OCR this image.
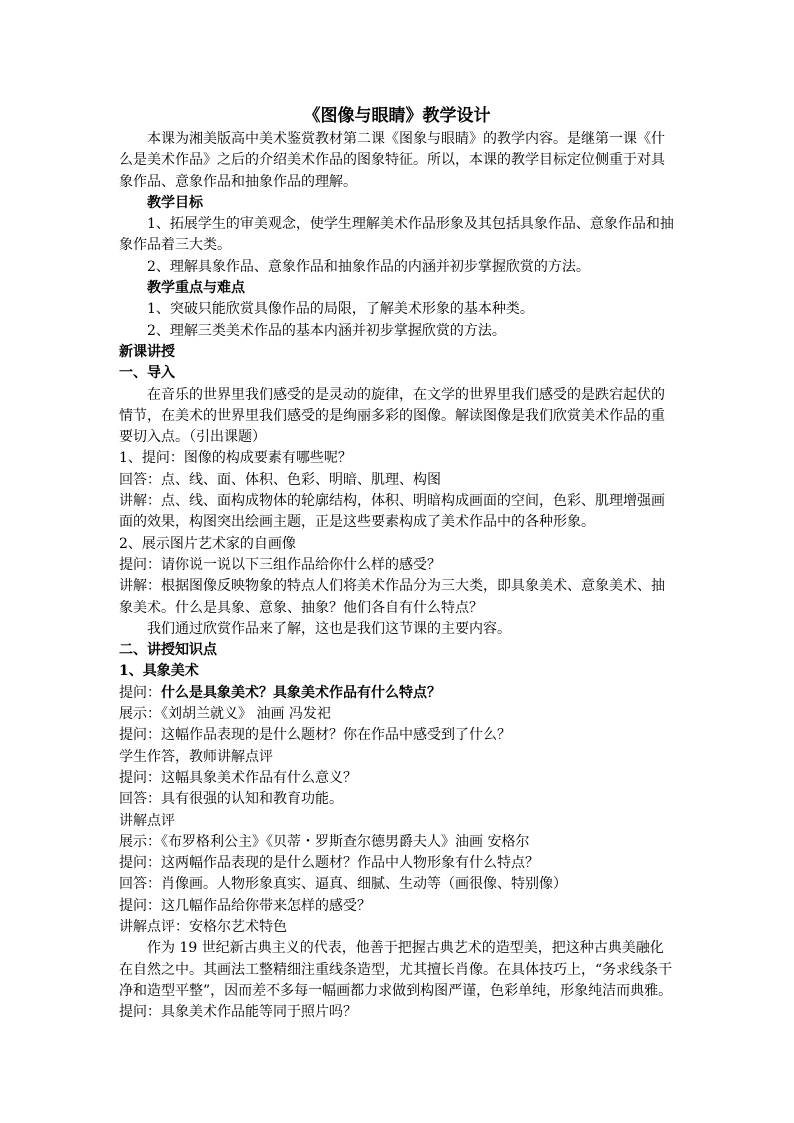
《图像与眼睛》教学设计

本课为湘美版高中美术鉴赏教材第二课《图象与眼睛》的教学内容。是继第一课《什么是美术作品》之后的介绍美术作品的图象特征。所以，本课的教学目标定位侧重于对具象作品、意象作品和抽象作品的理解。

教学目标

1、拓展学生的审美观念，使学生理解美术作品形象及其包括具象作品、意象作品和抽象作品着三大类。

2、理解具象作品、意象作品和抽象作品的内涵并初步掌握欣赏的方法。

教学重点与难点

1、突破只能欣赏具像作品的局限，了解美术形象的基本种类。

2、理解三类美术作品的基本内涵并初步掌握欣赏的方法。

新课讲授

一、导入

在音乐的世界里我们感受的是灵动的旋律，在文学的世界里我们感受的是跌宕起伏的情节，在美术的世界里我们感受的是绚丽多彩的图像。解读图像是我们欣赏美术作品的重要切入点。（引出课题）

1、提问：图像的构成要素有哪些呢？

回答：点、线、面、体积、色彩、明暗、肌理、构图

讲解：点、线、面构成物体的轮廓结构，体积、明暗构成画面的空间，色彩、肌理增强画面的效果，构图突出绘画主题，正是这些要素构成了美术作品中的各种形象。

2、展示图片艺术家的自画像

提问：请你说一说以下三组作品给你什么样的感受？

讲解：根据图像反映物象的特点人们将美术作品分为三大类，即具象美术、意象美术、抽象美术。什么是具象、意象、抽象？他们各自有什么特点？

我们通过欣赏作品来了解，这也是我们这节课的主要内容。

二、讲授知识点

1、具象美术

提问：什么是具象美术？具象美术作品有什么特点？

展示：《刘胡兰就义》 油画 冯发祀

提问：这幅作品表现的是什么题材？你在作品中感受到了什么？

学生作答，教师讲解点评

提问：这幅具象美术作品有什么意义？

回答：具有很强的认知和教育功能。

讲解点评

展示：《布罗格利公主》《贝蒂・罗斯查尔德男爵夫人》油画 安格尔

提问：这两幅作品表现的是什么题材？作品中人物形象有什么特点？

回答：肖像画。人物形象真实、逼真、细腻、生动等（画很像、特别像）

提问：这几幅作品给你带来怎样的感受？

讲解点评：安格尔艺术特色

作为 19 世纪新古典主义的代表，他善于把握古典艺术的造型美，把这种古典美融化在自然之中。其画法工整精细注重线条造型，尤其擅长肖像。在具体技巧上，“务求线条干净和造型平整”，因而差不多每一幅画都力求做到构图严谨，色彩单纯，形象纯洁而典雅。

提问：具象美术作品能等同于照片吗？
